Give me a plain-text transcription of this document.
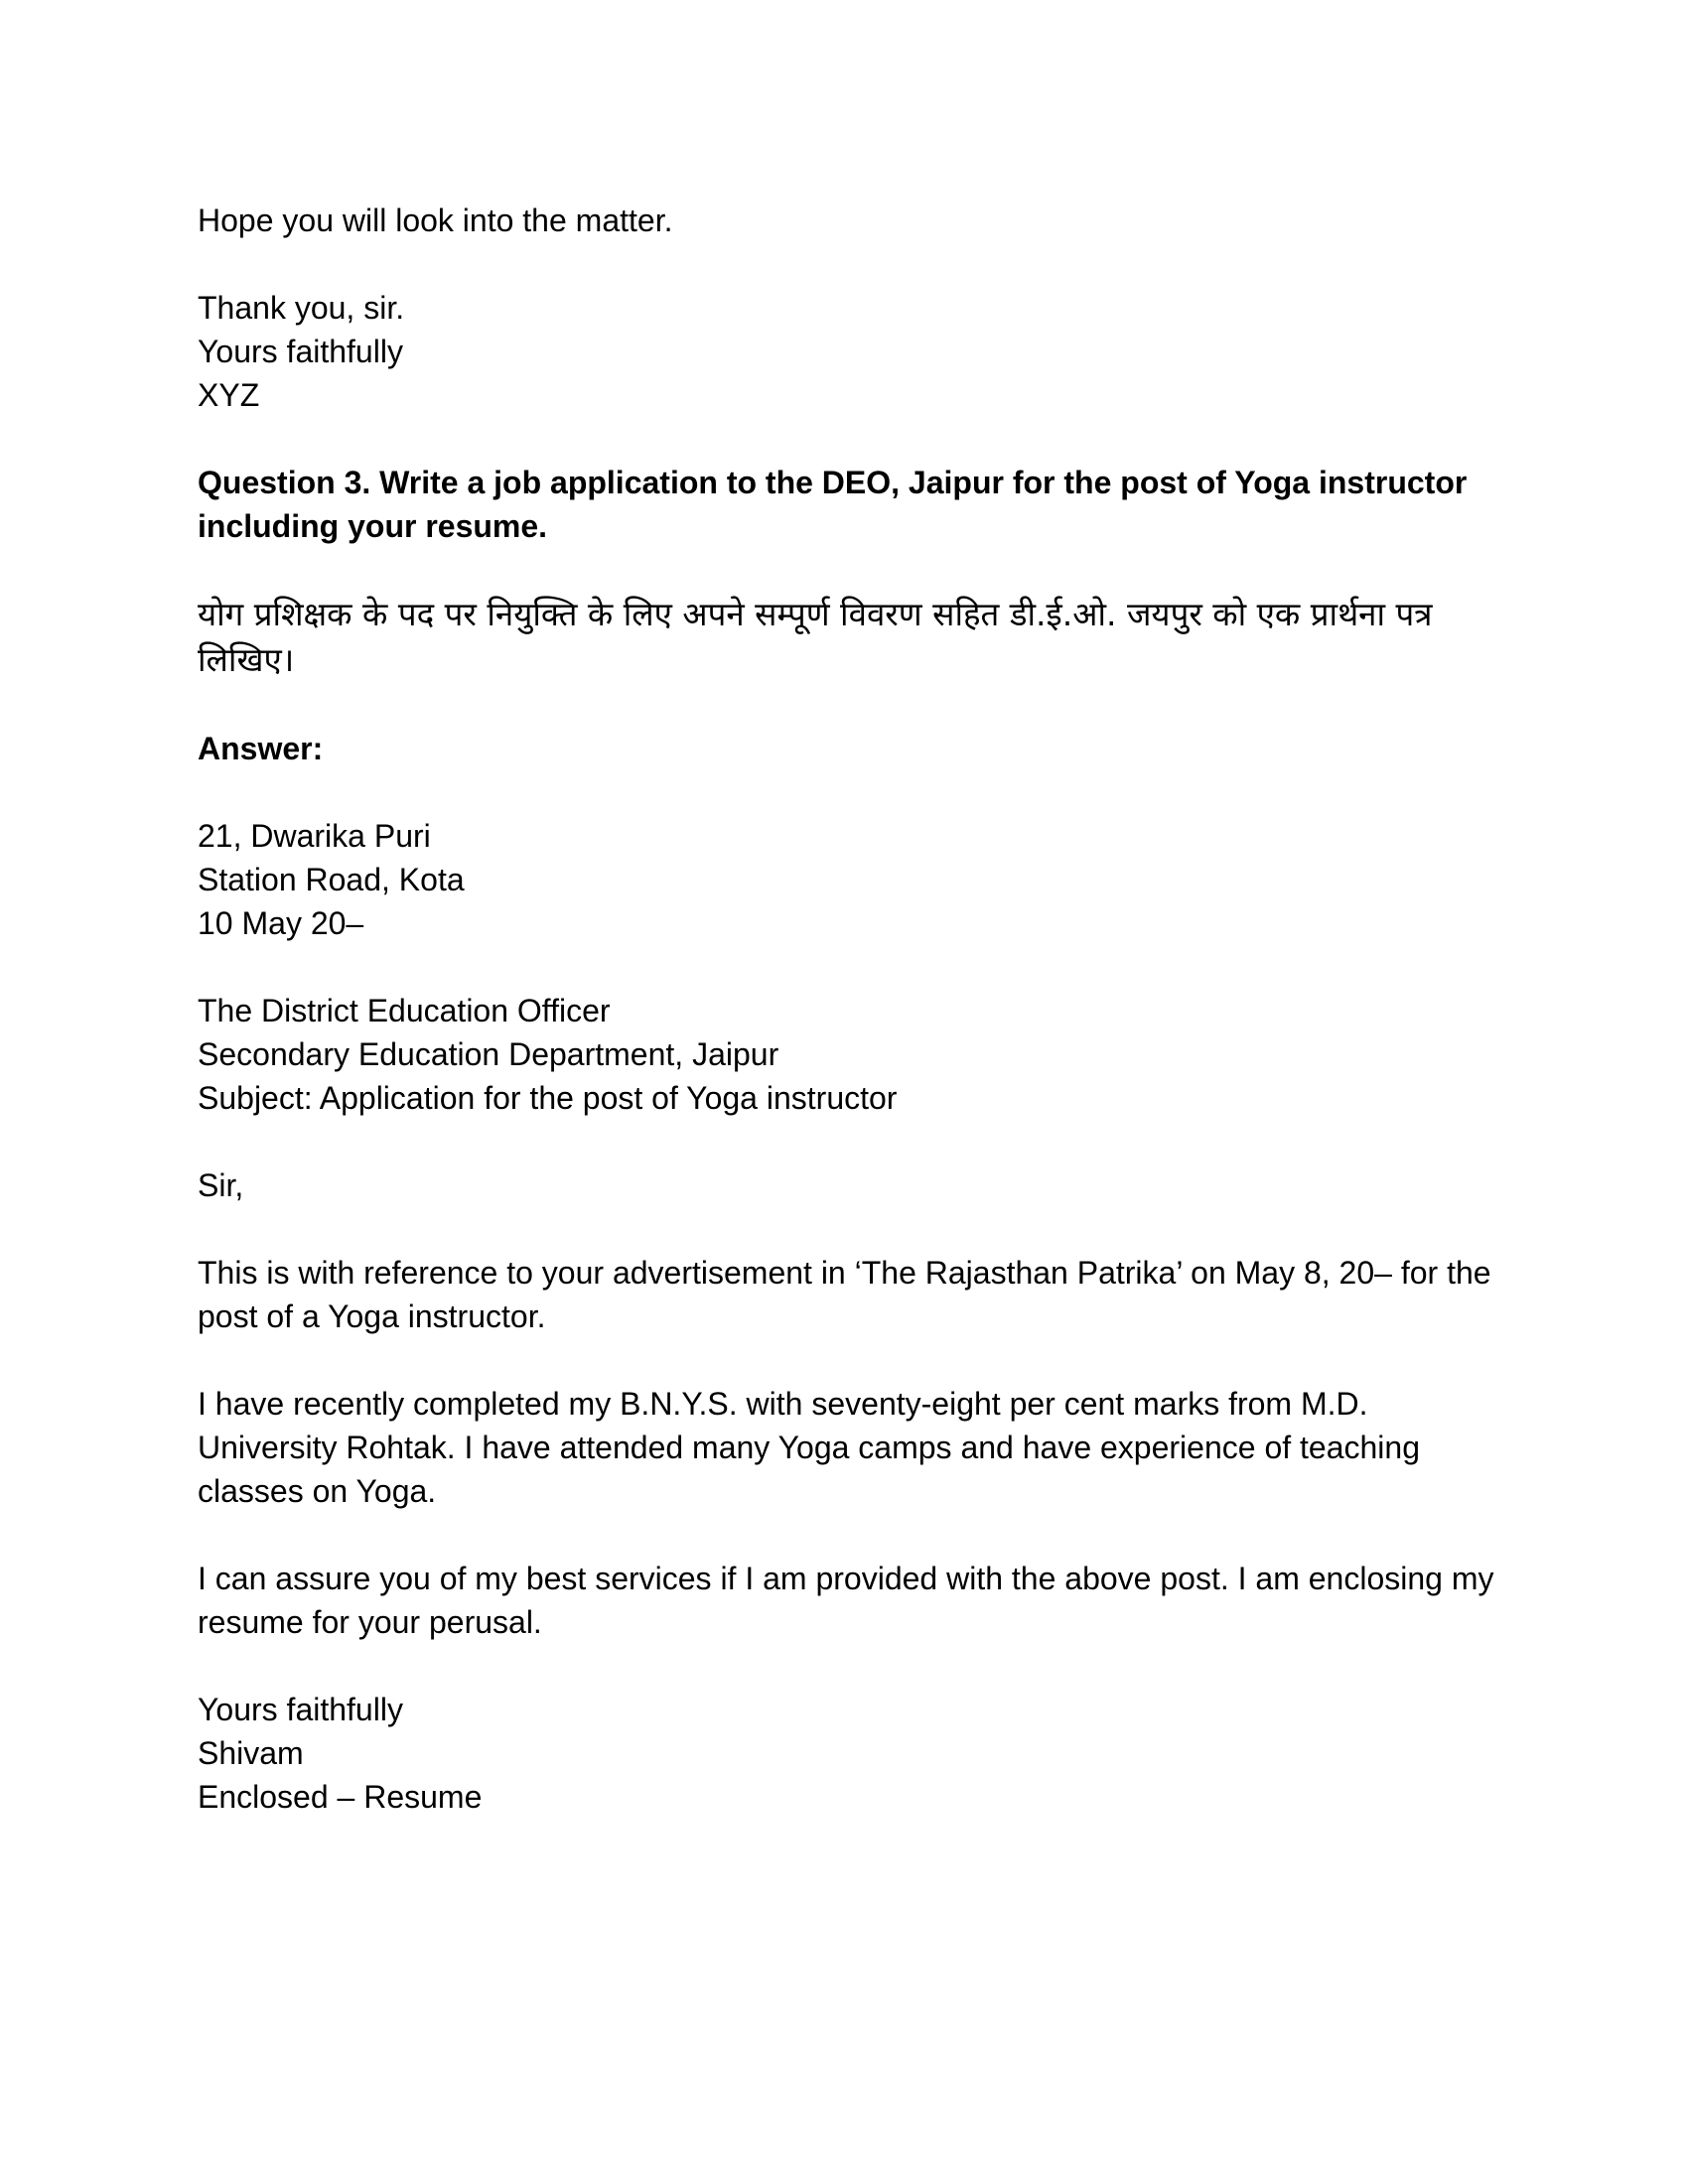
Hope you will look into the matter.
Thank you, sir.
Yours faithfully
XYZ
Question 3. Write a job application to the DEO, Jaipur for the post of Yoga instructor including your resume.
योग प्रशिक्षक के पद पर नियुक्ति के लिए अपने सम्पूर्ण विवरण सहित डी.ई.ओ. जयपुर को एक प्रार्थना पत्र लिखिए।
Answer:
21, Dwarika Puri
Station Road, Kota
10 May 20–
The District Education Officer
Secondary Education Department, Jaipur
Subject: Application for the post of Yoga instructor
Sir,
This is with reference to your advertisement in ‘The Rajasthan Patrika’ on May 8, 20– for the post of a Yoga instructor.
I have recently completed my B.N.Y.S. with seventy-eight per cent marks from M.D. University Rohtak. I have attended many Yoga camps and have experience of teaching classes on Yoga.
I can assure you of my best services if I am provided with the above post. I am enclosing my resume for your perusal.
Yours faithfully
Shivam
Enclosed – Resume
